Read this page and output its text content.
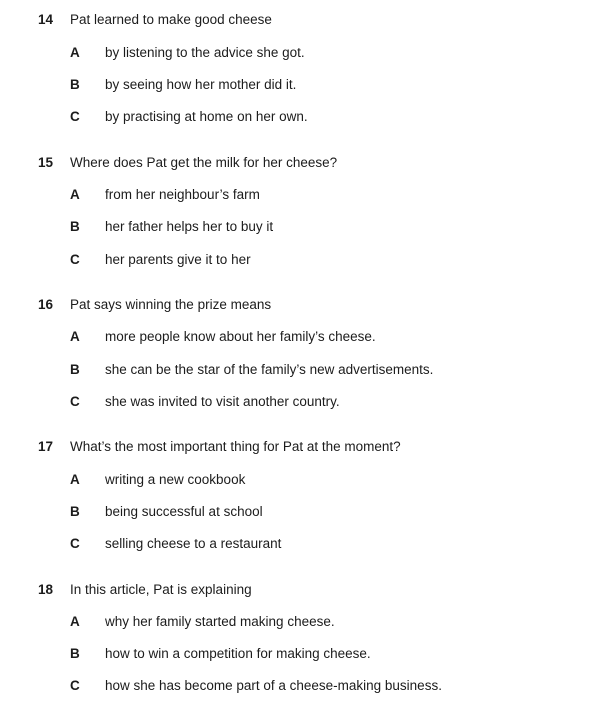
14 Pat learned to make good cheese
A by listening to the advice she got.
B by seeing how her mother did it.
C by practising at home on her own.
15 Where does Pat get the milk for her cheese?
A from her neighbour’s farm
B her father helps her to buy it
C her parents give it to her
16 Pat says winning the prize means
A more people know about her family’s cheese.
B she can be the star of the family’s new advertisements.
C she was invited to visit another country.
17 What’s the most important thing for Pat at the moment?
A writing a new cookbook
B being successful at school
C selling cheese to a restaurant
18 In this article, Pat is explaining
A why her family started making cheese.
B how to win a competition for making cheese.
C how she has become part of a cheese-making business.
